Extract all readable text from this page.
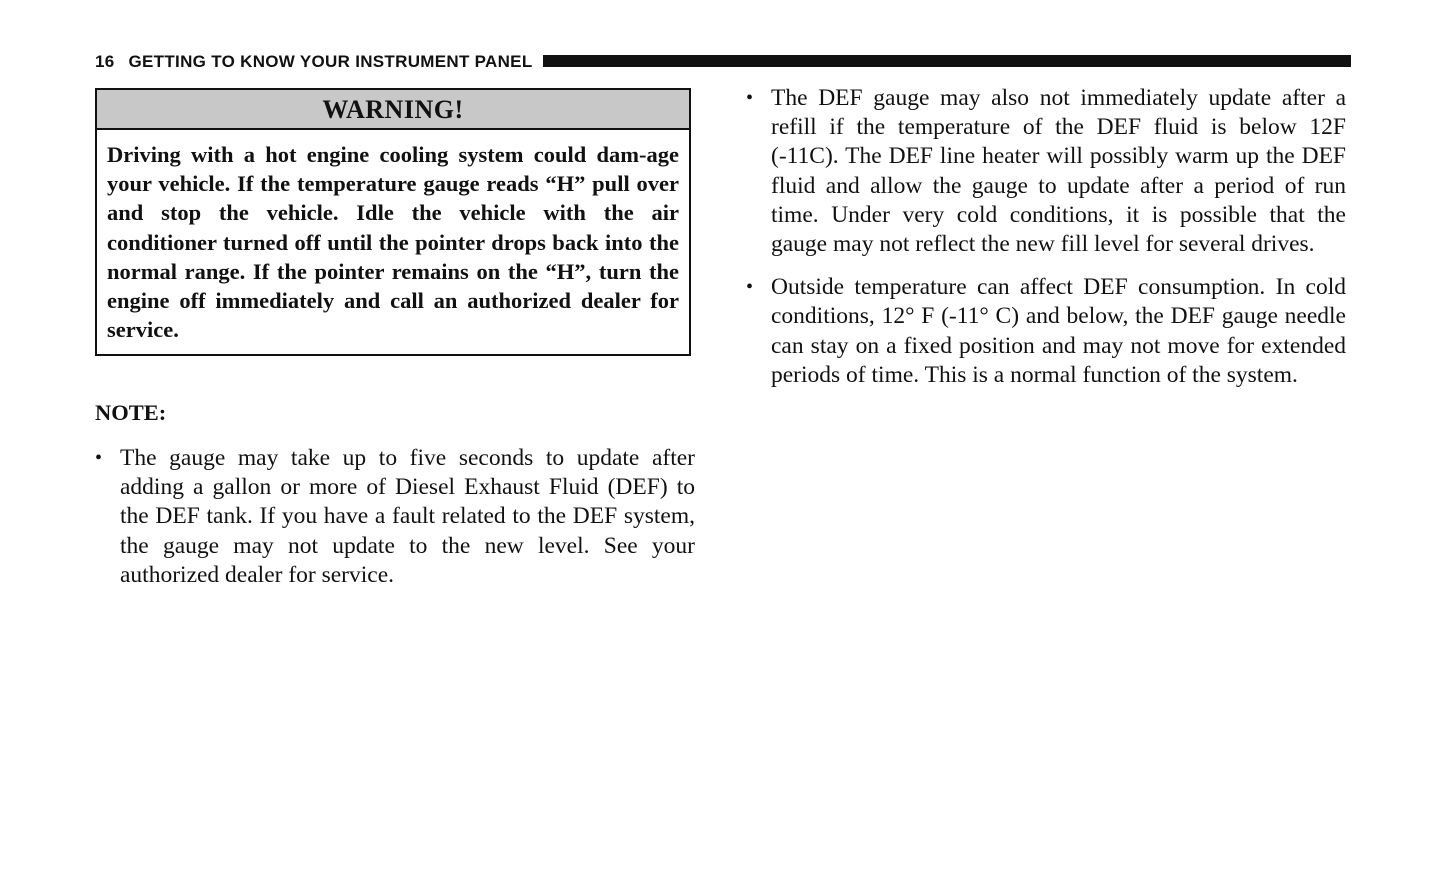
16 GETTING TO KNOW YOUR INSTRUMENT PANEL
WARNING!
Driving with a hot engine cooling system could dam-age your vehicle. If the temperature gauge reads “H” pull over and stop the vehicle. Idle the vehicle with the air conditioner turned off until the pointer drops back into the normal range. If the pointer remains on the “H”, turn the engine off immediately and call an authorized dealer for service.
NOTE:
• The gauge may take up to five seconds to update after adding a gallon or more of Diesel Exhaust Fluid (DEF) to the DEF tank. If you have a fault related to the DEF system, the gauge may not update to the new level. See your authorized dealer for service.
• The DEF gauge may also not immediately update after a refill if the temperature of the DEF fluid is below 12F (-11C). The DEF line heater will possibly warm up the DEF fluid and allow the gauge to update after a period of run time. Under very cold conditions, it is possible that the gauge may not reflect the new fill level for several drives.
• Outside temperature can affect DEF consumption. In cold conditions, 12° F (-11° C) and below, the DEF gauge needle can stay on a fixed position and may not move for extended periods of time. This is a normal function of the system.
